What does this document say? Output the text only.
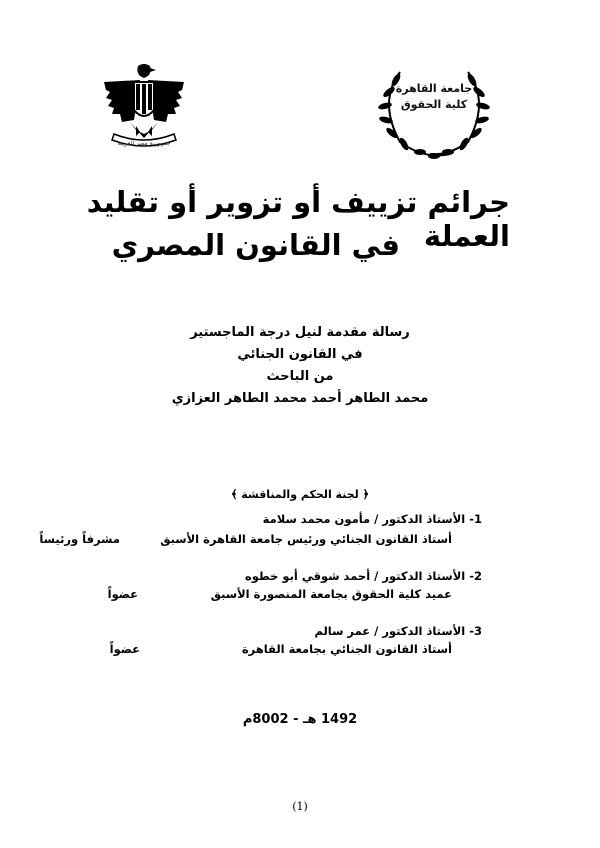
جمهورية مصر العربية
جامعة القاهرة
كلية الحقوق
جرائم تزييف أو تزوير أو تقليد العملة
في القانون المصري
رسالة مقدمة لنيل درجة الماجستير
في القانون الجنائي
من الباحث
محمد الطاهر أحمد محمد الطاهر العزازي
﴿ لجنة الحكم والمناقشة ﴾
1- الأستاذ الدكتور / مأمون محمد سلامة
أستاذ القانون الجنائي ورئيس جامعة القاهرة الأسبق
مشرفاً ورئيساً
2- الأستاذ الدكتور / أحمد شوقي أبو خطوه
عميد كلية الحقوق بجامعة المنصورة الأسبق
عضواً
3- الأستاذ الدكتور / عمر سالم
أستاذ القانون الجنائي بجامعة القاهرة
عضواً
1492 هـ - 8002م
(1)
